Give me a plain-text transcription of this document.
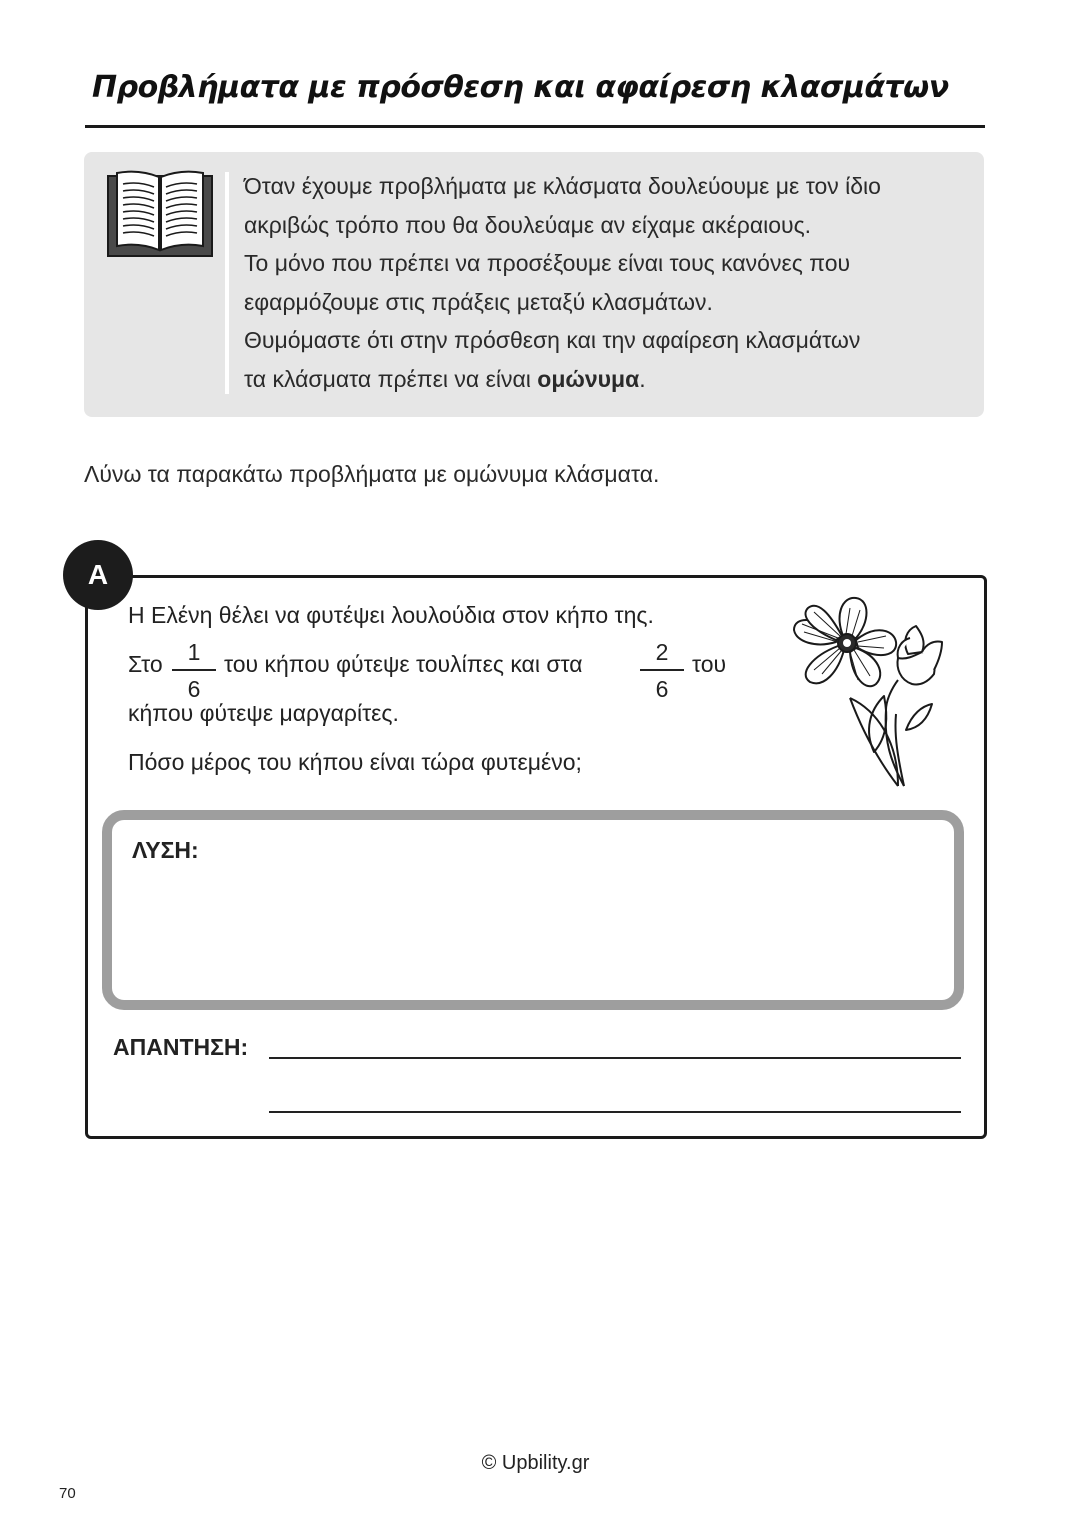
Προβλήματα με πρόσθεση και αφαίρεση κλασμάτων

Όταν έχουμε προβλήματα με κλάσματα δουλεύουμε με τον ίδιο

ακριβώς τρόπο που θα δουλεύαμε αν είχαμε ακέραιους.

Το μόνο που πρέπει να προσέξουμε είναι τους κανόνες που

εφαρμόζουμε στις πράξεις μεταξύ κλασμάτων.

Θυμόμαστε ότι στην πρόσθεση και την αφαίρεση κλασμάτων

τα κλάσματα πρέπει να είναι ομώνυμα.

Λύνω τα παρακάτω προβλήματα με ομώνυμα κλάσματα.

Α

Η Ελένη θέλει να φυτέψει λουλούδια στον κήπο της.

Στο	1
6

του κήπου φύτεψε τουλίπες και στα	2
6

του

κήπου φύτεψε μαργαρίτες.

Πόσο μέρος του κήπου είναι τώρα φυτεμένο;

ΛΥΣΗ:

ΑΠΑΝΤΗΣΗ:

© Upbility.gr

70
